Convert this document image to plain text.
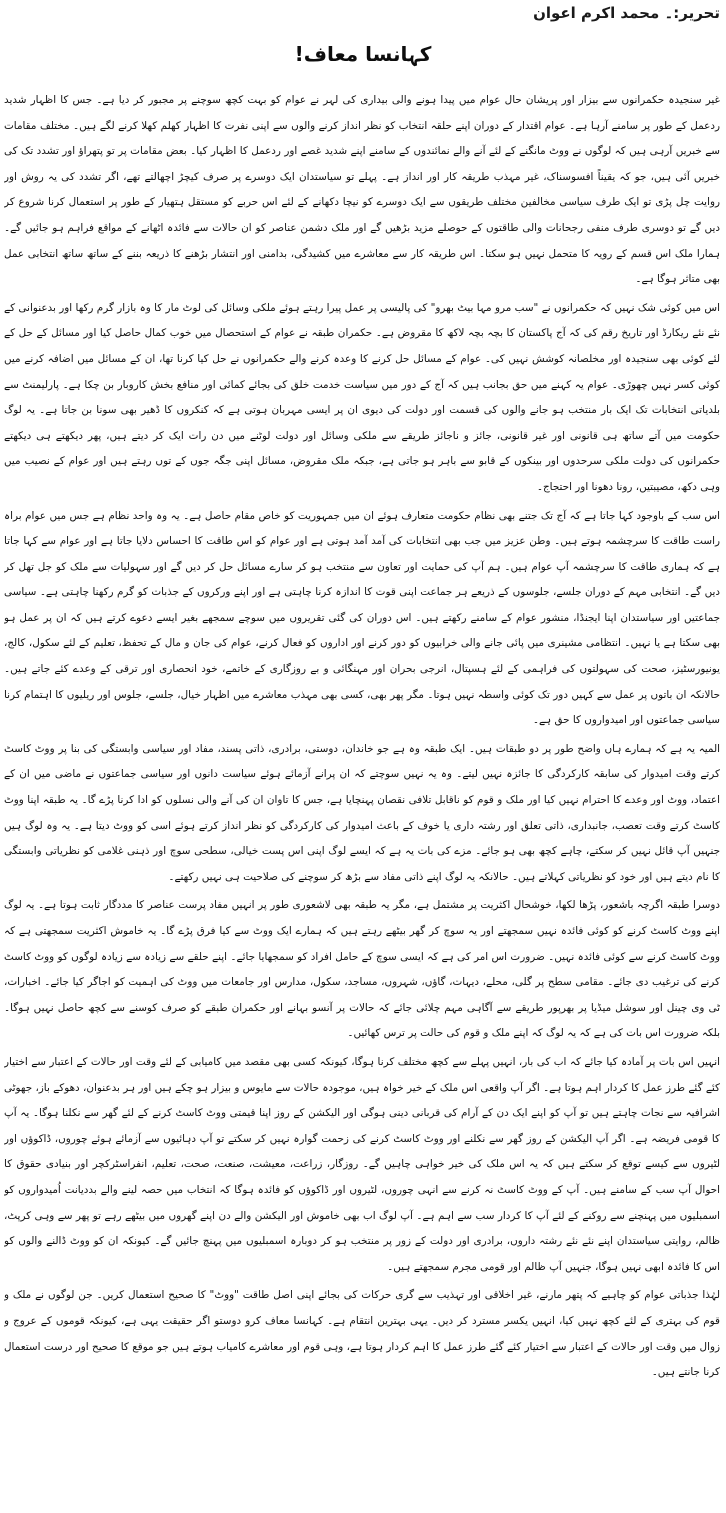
تحریر:۔ محمد اکرم اعوان
کہانسا معاف!

غیر سنجیدہ حکمرانوں سے بیزار اور پریشان حال عوام میں پیدا ہونے والی بیداری کی لہر نے عوام کو بہت کچھ سوچنے پر مجبور کر دیا ہے۔ جس کا اظہار شدید ردعمل کے طور پر سامنے آرہا ہے۔ عوام اقتدار کے دوران اپنے حلقہ انتخاب کو نظر انداز کرنے والوں سے اپنی نفرت کا اظہار کھلم کھلا کرنے لگے ہیں۔ مختلف مقامات سے خبریں آرہی ہیں کہ لوگوں نے ووٹ مانگنے کے لئے آنے والے نمائندوں کے سامنے اپنے شدید غصے اور ردعمل کا اظہار کیا۔ بعض مقامات پر تو پتھراؤ اور تشدد تک کی خبریں آئی ہیں، جو کہ یقیناً افسوسناک، غیر مہذب طریقہ کار اور انداز ہے۔ پہلے تو سیاستدان ایک دوسرے پر صرف کیچڑ اچھالتے تھے، اگر تشدد کی یہ روش اور روایت چل پڑی تو ایک طرف سیاسی مخالفین مختلف طریقوں سے ایک دوسرے کو نیچا دکھانے کے لئے اس حربے کو مستقل ہتھیار کے طور پر استعمال کرنا شروع کر دیں گے تو دوسری طرف منفی رجحانات والی طاقتوں کے حوصلے مزید بڑھیں گے اور ملک دشمن عناصر کو ان حالات سے فائدہ اٹھانے کے مواقع فراہم ہو جائیں گے۔ ہمارا ملک اس قسم کے رویہ کا متحمل نہیں ہو سکتا۔ اس طریقہ کار سے معاشرے میں کشیدگی، بدامنی اور انتشار بڑھنے کا ذریعہ بننے کے ساتھ ساتھ انتخابی عمل بھی متاثر ہوگا ہے۔

اس میں کوئی شک نہیں کہ حکمرانوں نے "سب مرو مہا بیٹ بھرو" کی پالیسی پر عمل پیرا رہتے ہوئے ملکی وسائل کی لوٹ مار کا وہ بازار گرم رکھا اور بدعنوانی کے نئے نئے ریکارڈ اور تاریخ رقم کی کہ آج پاکستان کا بچہ بچہ لاکھ کا مقروض ہے۔ حکمران طبقہ نے عوام کے استحصال میں خوب کمال حاصل کیا اور مسائل کے حل کے لئے کوئی بھی سنجیدہ اور مخلصانہ کوشش نہیں کی۔ عوام کے مسائل حل کرنے کا وعدہ کرنے والے حکمرانوں نے حل کیا کرنا تھا، ان کے مسائل میں اضافہ کرنے میں کوئی کسر نہیں چھوڑی۔ عوام یہ کہنے میں حق بجانب ہیں کہ آج کے دور میں سیاست خدمت خلق کی بجائے کمائی اور منافع بخش کاروبار بن چکا ہے۔ پارلیمنٹ سے بلدیاتی انتخابات تک ایک بار منتخب ہو جانے والوں کی قسمت اور دولت کی دیوی ان پر ایسی مہربان ہوتی ہے کہ کنکروں کا ڈھیر بھی سونا بن جاتا ہے۔ یہ لوگ حکومت میں آتے ساتھ ہی قانونی اور غیر قانونی، جائز و ناجائز طریقے سے ملکی وسائل اور دولت لوٹنے میں دن رات ایک کر دیتے ہیں، پھر دیکھتے ہی دیکھتے حکمرانوں کی دولت ملکی سرحدوں اور بینکوں کے قابو سے باہر ہو جاتی ہے، جبکہ ملک مقروض، مسائل اپنی جگہ جوں کے توں رہتے ہیں اور عوام کے نصیب میں وہی دکھ، مصیبتیں، رونا دھونا اور احتجاج۔

اس سب کے باوجود کہا جاتا ہے کہ آج تک جتنے بھی نظام حکومت متعارف ہوئے ان میں جمہوریت کو خاص مقام حاصل ہے۔ یہ وہ واحد نظام ہے جس میں عوام براہ راست طاقت کا سرچشمہ ہوتے ہیں۔ وطن عزیز میں جب بھی انتخابات کی آمد آمد ہوتی ہے اور عوام کو اس طاقت کا احساس دلایا جاتا ہے اور عوام سے کہا جاتا ہے کہ ہماری طاقت کا سرچشمہ آپ عوام ہیں۔ ہم آپ کی حمایت اور تعاون سے منتخب ہو کر سارے مسائل حل کر دیں گے اور سہولیات سے ملک کو جل تھل کر دیں گے۔ انتخابی مہم کے دوران جلسے، جلوسوں کے ذریعے ہر جماعت اپنی قوت کا اندازہ کرنا چاہتی ہے اور اپنے ورکروں کے جذبات کو گرم رکھنا چاہتی ہے۔ سیاسی جماعتیں اور سیاستدان اپنا ایجنڈا، منشور عوام کے سامنے رکھتے ہیں۔ اس دوران کی گئی تقریروں میں سوچے سمجھے بغیر ایسے دعوے کرتے ہیں کہ ان پر عمل ہو بھی سکتا ہے یا نہیں۔ انتظامی مشینری میں پائی جانے والی خرابیوں کو دور کرنے اور اداروں کو فعال کرنے، عوام کی جان و مال کے تحفظ، تعلیم کے لئے سکول، کالج، یونیورسٹیز، صحت کی سہولتوں کی فراہمی کے لئے ہسپتال، انرجی بحران اور مہنگائی و بے روزگاری کے خاتمے، خود انحصاری اور ترقی کے وعدے کئے جاتے ہیں۔ حالانکہ ان باتوں پر عمل سے کہیں دور تک کوئی واسطہ نہیں ہوتا۔ مگر پھر بھی، کسی بھی مہذب معاشرے میں اظہار خیال، جلسے، جلوس اور ریلیوں کا اہتمام کرنا سیاسی جماعتوں اور امیدواروں کا حق ہے۔

المیہ یہ ہے کہ ہمارے ہاں واضح طور پر دو طبقات ہیں۔ ایک طبقہ وہ ہے جو خاندان، دوستی، برادری، ذاتی پسند، مفاد اور سیاسی وابستگی کی بنا پر ووٹ کاسٹ کرتے وقت امیدوار کی سابقہ کارکردگی کا جائزہ نہیں لیتے۔ وہ یہ نہیں سوچتے کہ ان پرانے آزمائے ہوئے سیاست دانوں اور سیاسی جماعتوں نے ماضی میں ان کے اعتماد، ووٹ اور وعدے کا احترام نہیں کیا اور ملک و قوم کو ناقابل تلافی نقصان پہنچایا ہے، جس کا تاوان ان کی آنے والی نسلوں کو ادا کرنا پڑے گا۔ یہ طبقہ اپنا ووٹ کاسٹ کرتے وقت تعصب، جانبداری، ذاتی تعلق اور رشتہ داری یا خوف کے باعث امیدوار کی کارکردگی کو نظر انداز کرتے ہوئے اسی کو ووٹ دیتا ہے۔ یہ وہ لوگ ہیں جنہیں آپ قائل نہیں کر سکتے، چاہے کچھ بھی ہو جائے۔ مزے کی بات یہ ہے کہ ایسے لوگ اپنی اس پست خیالی، سطحی سوچ اور ذہنی غلامی کو نظریاتی وابستگی کا نام دیتے ہیں اور خود کو نظریاتی کہلاتے ہیں۔ حالانکہ یہ لوگ اپنے ذاتی مفاد سے بڑھ کر سوچنے کی صلاحیت ہی نہیں رکھتے۔

دوسرا طبقہ اگرچہ باشعور، پڑھا لکھا، خوشحال اکثریت پر مشتمل ہے، مگر یہ طبقہ بھی لاشعوری طور پر انہیں مفاد پرست عناصر کا مددگار ثابت ہوتا ہے۔ یہ لوگ اپنے ووٹ کاسٹ کرنے کو کوئی فائدہ نہیں سمجھتے اور یہ سوچ کر گھر بیٹھے رہتے ہیں کہ ہمارے ایک ووٹ سے کیا فرق پڑے گا۔ یہ خاموش اکثریت سمجھتی ہے کہ ووٹ کاسٹ کرنے سے کوئی فائدہ نہیں۔ ضرورت اس امر کی ہے کہ ایسی سوچ کے حامل افراد کو سمجھایا جائے۔ اپنے حلقے سے زیادہ سے زیادہ لوگوں کو ووٹ کاسٹ کرنے کی ترغیب دی جائے۔ مقامی سطح پر گلی، محلے، دیہات، گاؤں، شہروں، مساجد، سکول، مدارس اور جامعات میں ووٹ کی اہمیت کو اجاگر کیا جائے۔ اخبارات، ٹی وی چینل اور سوشل میڈیا پر بھرپور طریقے سے آگاہی مہم چلائی جائے کہ حالات پر آنسو بہانے اور حکمران طبقے کو صرف کوسنے سے کچھ حاصل نہیں ہوگا۔ بلکہ ضرورت اس بات کی ہے کہ یہ لوگ کہ اپنے ملک و قوم کی حالت پر ترس کھائیں۔

انہیں اس بات پر آمادہ کیا جائے کہ اب کی بار، انہیں پہلے سے کچھ مختلف کرنا ہوگا، کیونکہ کسی بھی مقصد میں کامیابی کے لئے وقت اور حالات کے اعتبار سے اختیار کئے گئے طرز عمل کا کردار اہم ہوتا ہے۔ اگر آپ واقعی اس ملک کے خیر خواہ ہیں، موجودہ حالات سے مایوس و بیزار ہو چکے ہیں اور ہر بدعنوان، دھوکے باز، جھوٹی اشرافیہ سے نجات چاہتے ہیں تو آپ کو اپنے ایک دن کے آرام کی قربانی دینی ہوگی اور الیکشن کے روز اپنا قیمتی ووٹ کاسٹ کرنے کے لئے گھر سے نکلنا ہوگا۔ یہ آپ کا قومی فریضہ ہے۔ اگر آپ الیکشن کے روز گھر سے نکلنے اور ووٹ کاسٹ کرنے کی زحمت گوارہ نہیں کر سکتے تو آپ دہائیوں سے آزمائے ہوئے چوروں، ڈاکوؤں اور لٹیروں سے کیسے توقع کر سکتے ہیں کہ یہ اس ملک کی خیر خواہی چاہیں گے۔ روزگار، زراعت، معیشت، صنعت، صحت، تعلیم، انفراسٹرکچر اور بنیادی حقوق کا احوال آپ سب کے سامنے ہیں۔ آپ کے ووٹ کاسٹ نہ کرنے سے انہی چوروں، لٹیروں اور ڈاکوؤں کو فائدہ ہوگا کہ انتخاب میں حصہ لینے والے بددیانت اُمیدواروں کو اسمبلیوں میں پہنچنے سے روکنے کے لئے آپ کا کردار سب سے اہم ہے۔ آپ لوگ اب بھی خاموش اور الیکشن والے دن اپنے گھروں میں بیٹھے رہے تو پھر سے وہی کرپٹ، ظالم، روایتی سیاستدان اپنے نئے نئے رشتہ داروں، برادری اور دولت کے زور پر منتخب ہو کر دوبارہ اسمبلیوں میں پہنچ جائیں گے۔ کیونکہ ان کو ووٹ ڈالنے والوں کو اس کا فائدہ ابھی نہیں ہوگا، جنہیں آپ ظالم اور قومی مجرم سمجھتے ہیں۔

لہٰذا جذباتی عوام کو چاہیے کہ پتھر مارنے، غیر اخلاقی اور تہذیب سے گری حرکات کی بجائے اپنی اصل طاقت "ووٹ" کا صحیح استعمال کریں۔ جن لوگوں نے ملک و قوم کی بہتری کے لئے کچھ نہیں کیا، انہیں یکسر مسترد کر دیں۔ یہی بہترین انتقام ہے۔ کہانسا معاف کرو دوستو اگر حقیقت یہی ہے، کیونکہ قوموں کے عروج و زوال میں وقت اور حالات کے اعتبار سے اختیار کئے گئے طرز عمل کا اہم کردار ہوتا ہے، وہی قوم اور معاشرے کامیاب ہوتے ہیں جو موقع کا صحیح اور درست استعمال کرنا جانتے ہیں۔
